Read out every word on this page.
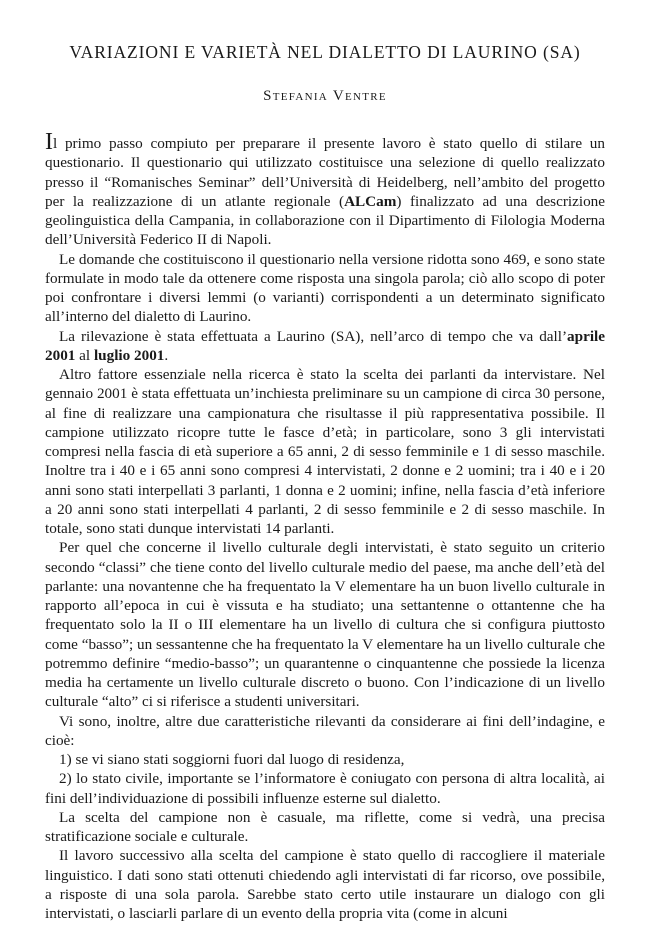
VARIAZIONI E VARIETÀ NEL DIALETTO DI LAURINO (SA)
Stefania Ventre

Il primo passo compiuto per preparare il presente lavoro è stato quello di stilare un questionario. Il questionario qui utilizzato costituisce una selezione di quello realizzato presso il “Romanisches Seminar” dell’Università di Heidelberg, nell’ambito del progetto per la realizzazione di un atlante regionale (ALCam) finalizzato ad una descrizione geolinguistica della Campania, in collaborazione con il Dipartimento di Filologia Moderna dell’Università Federico II di Napoli.

Le domande che costituiscono il questionario nella versione ridotta sono 469, e sono state formulate in modo tale da ottenere come risposta una singola parola; ciò allo scopo di poter poi confrontare i diversi lemmi (o varianti) corrispondenti a un determinato significato all’interno del dialetto di Laurino.

La rilevazione è stata effettuata a Laurino (SA), nell’arco di tempo che va dall’aprile 2001 al luglio 2001.

Altro fattore essenziale nella ricerca è stato la scelta dei parlanti da intervistare. Nel gennaio 2001 è stata effettuata un’inchiesta preliminare su un campione di circa 30 persone, al fine di realizzare una campionatura che risultasse il più rappresentativa possibile. Il campione utilizzato ricopre tutte le fasce d’età; in particolare, sono 3 gli intervistati compresi nella fascia di età superiore a 65 anni, 2 di sesso femminile e 1 di sesso maschile. Inoltre tra i 40 e i 65 anni sono compresi 4 intervistati, 2 donne e 2 uomini; tra i 40 e i 20 anni sono stati interpellati 3 parlanti, 1 donna e 2 uomini; infine, nella fascia d’età inferiore a 20 anni sono stati interpellati 4 parlanti, 2 di sesso femminile e 2 di sesso maschile. In totale, sono stati dunque intervistati 14 parlanti.

Per quel che concerne il livello culturale degli intervistati, è stato seguito un criterio secondo “classi” che tiene conto del livello culturale medio del paese, ma anche dell’età del parlante: una novantenne che ha frequentato la V elementare ha un buon livello culturale in rapporto all’epoca in cui è vissuta e ha studiato; una settantenne o ottantenne che ha frequentato solo la II o III elementare ha un livello di cultura che si configura piuttosto come “basso”; un sessantenne che ha frequentato la V elementare ha un livello culturale che potremmo definire “medio-basso”; un quarantenne o cinquantenne che possiede la licenza media ha certamente un livello culturale discreto o buono. Con l’indicazione di un livello culturale “alto” ci si riferisce a studenti universitari.

Vi sono, inoltre, altre due caratteristiche rilevanti da considerare ai fini dell’indagine, e cioè:

1) se vi siano stati soggiorni fuori dal luogo di residenza,

2) lo stato civile, importante se l’informatore è coniugato con persona di altra località, ai fini dell’individuazione di possibili influenze esterne sul dialetto.

La scelta del campione non è casuale, ma riflette, come si vedrà, una precisa stratificazione sociale e culturale.

Il lavoro successivo alla scelta del campione è stato quello di raccogliere il materiale linguistico. I dati sono stati ottenuti chiedendo agli intervistati di far ricorso, ove possibile, a risposte di una sola parola. Sarebbe stato certo utile instaurare un dialogo con gli intervistati, o lasciarli parlare di un evento della propria vita (come in alcuni
